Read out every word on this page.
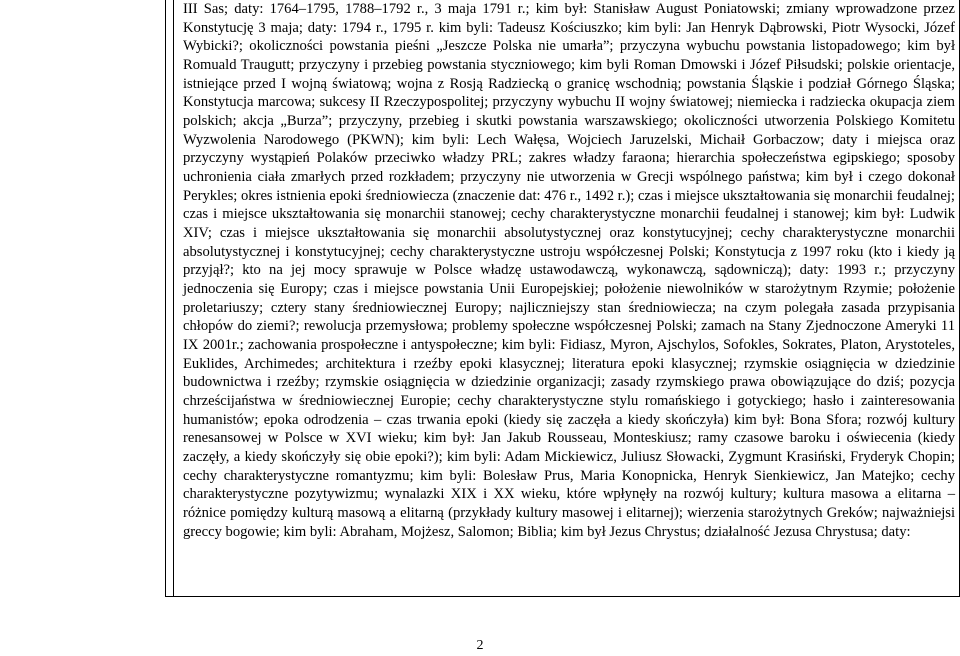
III Sas; daty: 1764–1795, 1788–1792 r., 3 maja 1791 r.; kim był: Stanisław August Poniatowski; zmiany wprowadzone przez Konstytucję 3 maja; daty: 1794 r., 1795 r. kim byli: Tadeusz Kościuszko; kim byli: Jan Henryk Dąbrowski, Piotr Wysocki, Józef Wybicki?; okoliczności powstania pieśni „Jeszcze Polska nie umarła”; przyczyna wybuchu powstania listopadowego; kim był Romuald Traugutt; przyczyny i przebieg powstania styczniowego; kim byli Roman Dmowski i Józef Piłsudski; polskie orientacje, istniejące przed I wojną światową; wojna z Rosją Radziecką o granicę wschodnią; powstania Śląskie i podział Górnego Śląska; Konstytucja marcowa; sukcesy II Rzeczypospolitej; przyczyny wybuchu II wojny światowej; niemiecka i radziecka okupacja ziem polskich; akcja „Burza”; przyczyny, przebieg i skutki powstania warszawskiego; okoliczności utworzenia Polskiego Komitetu Wyzwolenia Narodowego (PKWN); kim byli: Lech Wałęsa, Wojciech Jaruzelski, Michaił Gorbaczow; daty i miejsca oraz przyczyny wystąpień Polaków przeciwko władzy PRL; zakres władzy faraona; hierarchia społeczeństwa egipskiego; sposoby uchronienia ciała zmarłych przed rozkładem; przyczyny nie utworzenia w Grecji wspólnego państwa; kim był i czego dokonał Perykles; okres istnienia epoki średniowiecza (znaczenie dat: 476 r., 1492 r.); czas i miejsce ukształtowania się monarchii feudalnej; czas i miejsce ukształtowania się monarchii stanowej; cechy charakterystyczne monarchii feudalnej i stanowej; kim był: Ludwik XIV; czas i miejsce ukształtowania się monarchii absolutystycznej oraz konstytucyjnej; cechy charakterystyczne monarchii absolutystycznej i konstytucyjnej; cechy charakterystyczne ustroju współczesnej Polski; Konstytucja z 1997 roku (kto i kiedy ją przyjął?; kto na jej mocy sprawuje w Polsce władzę ustawodawczą, wykonawczą, sądowniczą); daty: 1993 r.; przyczyny jednoczenia się Europy; czas i miejsce powstania Unii Europejskiej; położenie niewolników w starożytnym Rzymie; położenie proletariuszy; cztery stany średniowiecznej Europy; najliczniejszy stan średniowiecza; na czym polegała zasada przypisania chłopów do ziemi?; rewolucja przemysłowa; problemy społeczne współczesnej Polski; zamach na Stany Zjednoczone Ameryki 11 IX 2001r.; zachowania prospołeczne i antyspołeczne; kim byli: Fidiasz, Myron, Ajschylos, Sofokles, Sokrates, Platon, Arystoteles, Euklides, Archimedes; architektura i rzeźby epoki klasycznej; literatura epoki klasycznej; rzymskie osiągnięcia w dziedzinie budownictwa i rzeźby; rzymskie osiągnięcia w dziedzinie organizacji; zasady rzymskiego prawa obowiązujące do dziś; pozycja chrześcijaństwa w średniowiecznej Europie; cechy charakterystyczne stylu romańskiego i gotyckiego; hasło i zainteresowania humanistów; epoka odrodzenia – czas trwania epoki (kiedy się zaczęła a kiedy skończyła) kim był: Bona Sfora; rozwój kultury renesansowej w Polsce w XVI wieku; kim był: Jan Jakub Rousseau, Monteskiusz; ramy czasowe baroku i oświecenia (kiedy zaczęły, a kiedy skończyły się obie epoki?); kim byli: Adam Mickiewicz, Juliusz Słowacki, Zygmunt Krasiński, Fryderyk Chopin; cechy charakterystyczne romantyzmu; kim byli: Bolesław Prus, Maria Konopnicka, Henryk Sienkiewicz, Jan Matejko; cechy charakterystyczne pozytywizmu; wynalazki XIX i XX wieku, które wpłynęły na rozwój kultury; kultura masowa a elitarna – różnice pomiędzy kulturą masową a elitarną (przykłady kultury masowej i elitarnej); wierzenia starożytnych Greków; najważniejsi greccy bogowie; kim byli: Abraham, Mojżesz, Salomon; Biblia; kim był Jezus Chrystus; działalność Jezusa Chrystusa; daty:

2
